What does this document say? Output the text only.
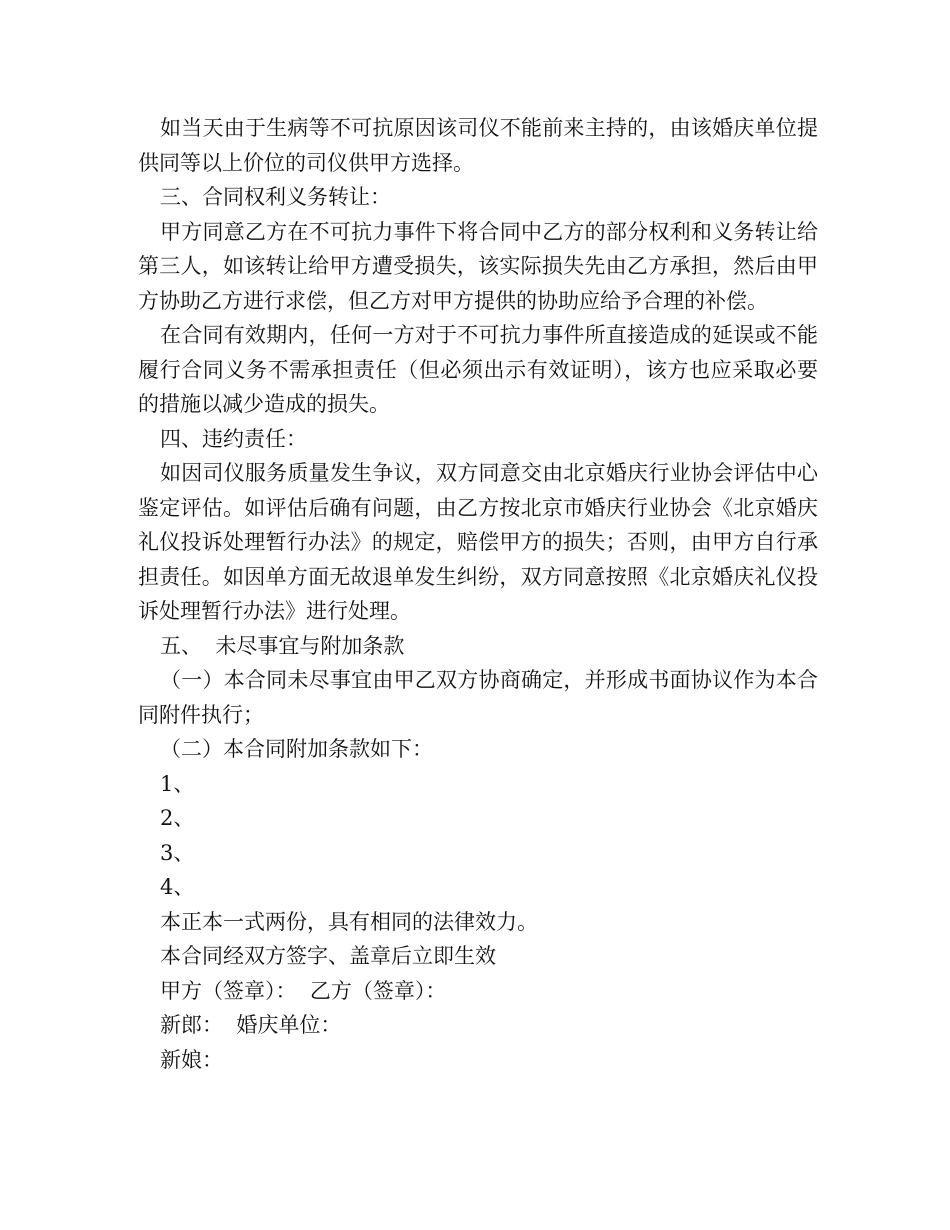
如当天由于生病等不可抗原因该司仪不能前来主持的，由该婚庆单位提供同等以上价位的司仪供甲方选择。

三、合同权利义务转让：

甲方同意乙方在不可抗力事件下将合同中乙方的部分权利和义务转让给第三人，如该转让给甲方遭受损失，该实际损失先由乙方承担，然后由甲方协助乙方进行求偿，但乙方对甲方提供的协助应给予合理的补偿。

在合同有效期内，任何一方对于不可抗力事件所直接造成的延误或不能履行合同义务不需承担责任（但必须出示有效证明），该方也应采取必要的措施以减少造成的损失。

四、违约责任：

如因司仪服务质量发生争议，双方同意交由北京婚庆行业协会评估中心鉴定评估。如评估后确有问题，由乙方按北京市婚庆行业协会《北京婚庆礼仪投诉处理暂行办法》的规定，赔偿甲方的损失；否则，由甲方自行承担责任。如因单方面无故退单发生纠纷，双方同意按照《北京婚庆礼仪投诉处理暂行办法》进行处理。

五、  未尽事宜与附加条款

（一）本合同未尽事宜由甲乙双方协商确定，并形成书面协议作为本合同附件执行；

（二）本合同附加条款如下：

1、

2、

3、

4、

本正本一式两份，具有相同的法律效力。

本合同经双方签字、盖章后立即生效

甲方（签章）：  乙方（签章）：

新郎：  婚庆单位：

新娘：
